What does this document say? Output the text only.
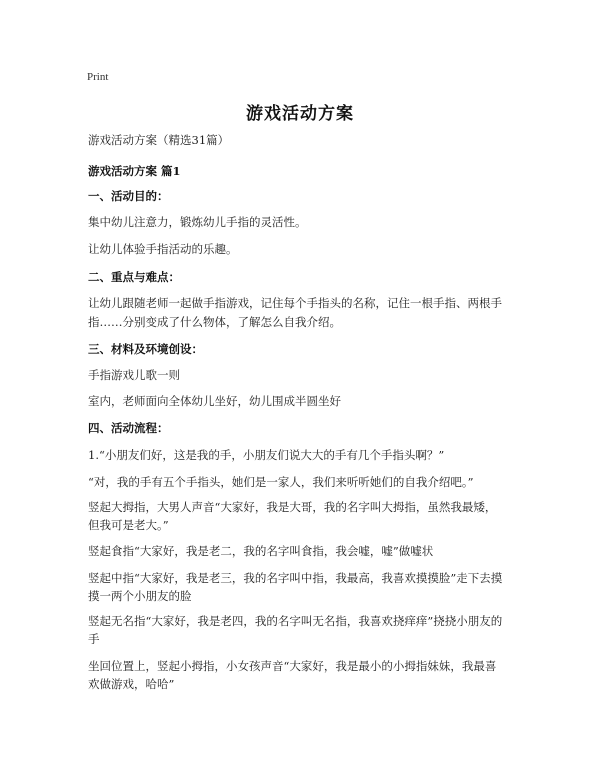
Print
游戏活动方案
游戏活动方案（精选31篇）
游戏活动方案 篇1
一、活动目的：
集中幼儿注意力，锻炼幼儿手指的灵活性。
让幼儿体验手指活动的乐趣。
二、重点与难点：
让幼儿跟随老师一起做手指游戏，记住每个手指头的名称，记住一根手指、两根手
指……分别变成了什么物体，了解怎么自我介绍。
三、材料及环境创设：
手指游戏儿歌一则
室内，老师面向全体幼儿坐好，幼儿围成半圆坐好
四、活动流程：
1.“小朋友们好，这是我的手，小朋友们说大大的手有几个手指头啊？”
“对，我的手有五个手指头，她们是一家人，我们来听听她们的自我介绍吧。”
竖起大拇指，大男人声音“大家好，我是大哥，我的名字叫大拇指，虽然我最矮，
但我可是老大。”
竖起食指“大家好，我是老二，我的名字叫食指，我会嘘，嘘”做嘘状
竖起中指“大家好，我是老三，我的名字叫中指，我最高，我喜欢摸摸脸”走下去摸
摸一两个小朋友的脸
竖起无名指“大家好，我是老四，我的名字叫无名指，我喜欢挠痒痒”挠挠小朋友的
手
坐回位置上，竖起小拇指，小女孩声音“大家好，我是最小的小拇指妹妹，我最喜
欢做游戏，哈哈”
